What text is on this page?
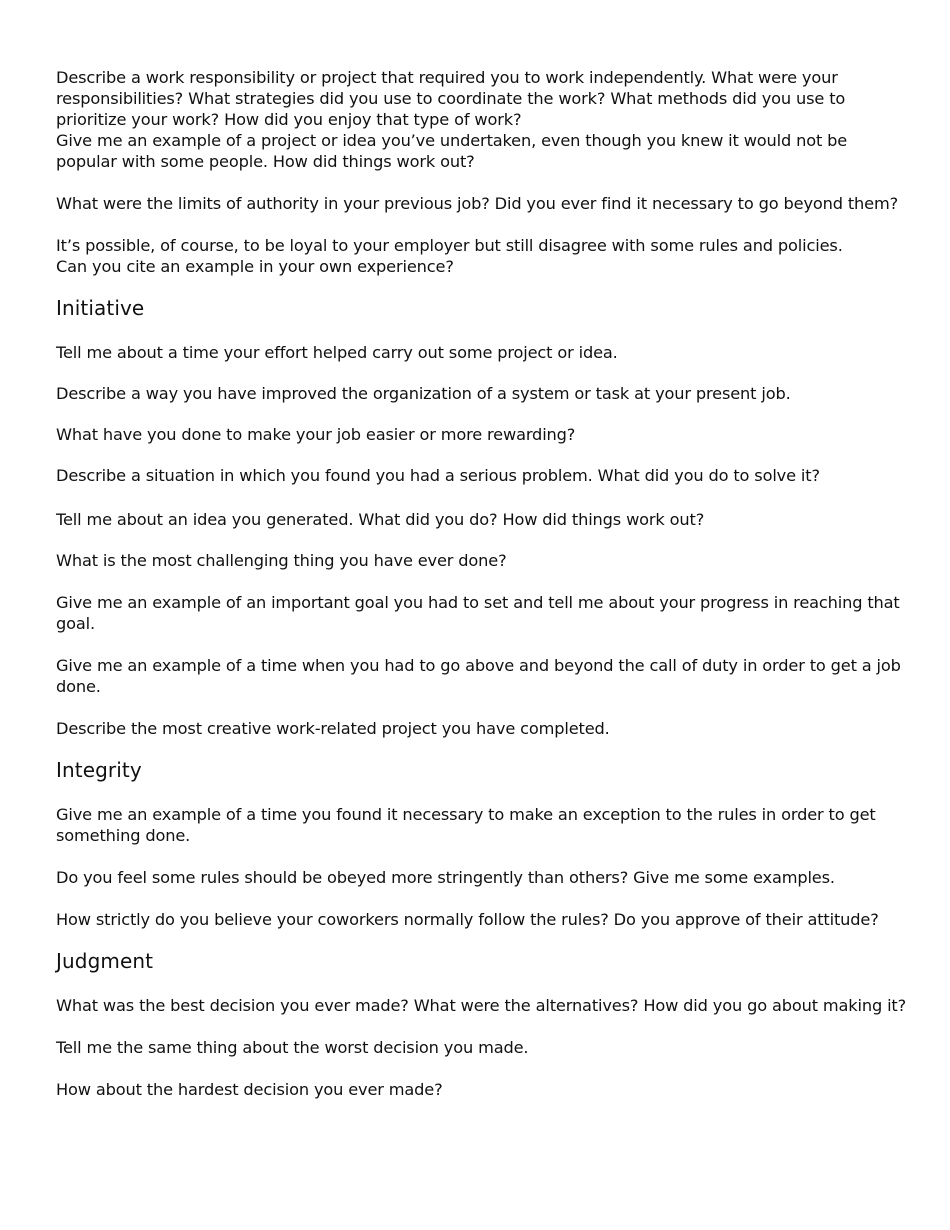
Describe a work responsibility or project that required you to work independently. What were your responsibilities? What strategies did you use to coordinate the work? What methods did you use to prioritize your work? How did you enjoy that type of work?

Give me an example of a project or idea you’ve undertaken, even though you knew it would not be popular with some people. How did things work out?

What were the limits of authority in your previous job? Did you ever find it necessary to go beyond them?

It’s possible, of course, to be loyal to your employer but still disagree with some rules and policies. Can you cite an example in your own experience?

Initiative

Tell me about a time your effort helped carry out some project or idea.

Describe a way you have improved the organization of a system or task at your present job.

What have you done to make your job easier or more rewarding?

Describe a situation in which you found you had a serious problem. What did you do to solve it?

Tell me about an idea you generated. What did you do? How did things work out?

What is the most challenging thing you have ever done?

Give me an example of an important goal you had to set and tell me about your progress in reaching that goal.

Give me an example of a time when you had to go above and beyond the call of duty in order to get a job done.

Describe the most creative work-related project you have completed.

Integrity

Give me an example of a time you found it necessary to make an exception to the rules in order to get something done.

Do you feel some rules should be obeyed more stringently than others? Give me some examples.

How strictly do you believe your coworkers normally follow the rules? Do you approve of their attitude?

Judgment

What was the best decision you ever made? What were the alternatives? How did you go about making it?

Tell me the same thing about the worst decision you made.

How about the hardest decision you ever made?
